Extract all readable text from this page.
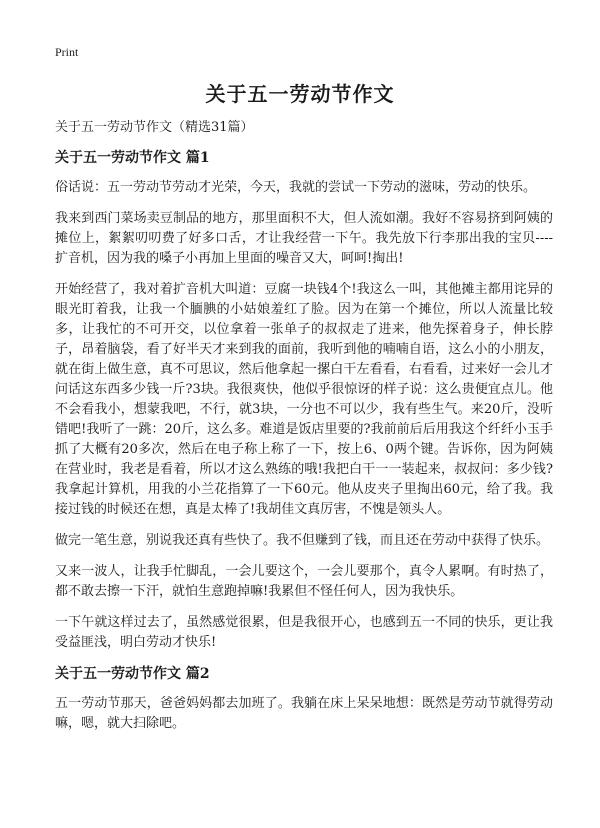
Print
关于五一劳动节作文

关于五一劳动节作文（精选31篇）

关于五一劳动节作文 篇1

俗话说：五一劳动节劳动才光荣，今天，我就的尝试一下劳动的滋味，劳动的快乐。

我来到西门菜场卖豆制品的地方，那里面积不大，但人流如潮。我好不容易挤到阿姨的摊位上，絮絮叨叨费了好多口舌，才让我经营一下午。我先放下行李那出我的宝贝----扩音机，因为我的嗓子小再加上里面的噪音又大，呵呵!掏出!

开始经营了，我对着扩音机大叫道：豆腐一块钱4个!我这么一叫，其他摊主都用诧异的眼光盯着我，让我一个腼腆的小姑娘羞红了脸。因为在第一个摊位，所以人流量比较多，让我忙的不可开交，以位拿着一张单子的叔叔走了进来，他先探着身子，伸长脖子，昂着脑袋，看了好半天才来到我的面前，我听到他的喃喃自语，这么小的小朋友，就在街上做生意，真不可思议，然后他拿起一摞白干左看看，右看看，过来好一会儿才问话这东西多少钱一斤?3块。我很爽快，他似乎很惊讶的样子说：这么贵便宜点儿。他不会看我小，想蒙我吧，不行，就3块，一分也不可以少，我有些生气。来20斤，没听错吧!我听了一跳：20斤，这么多。难道是饭店里要的?我前前后后用我这个纤纤小玉手抓了大概有20多次，然后在电子称上称了一下，按上6、0两个键。告诉你，因为阿姨在营业时，我老是看着，所以才这么熟练的哦!我把白干一一装起来，叔叔问：多少钱?我拿起计算机，用我的小兰花指算了一下60元。他从皮夹子里掏出60元，给了我。我接过钱的时候还在想，真是太棒了!我胡佳文真厉害，不愧是领头人。

做完一笔生意，别说我还真有些快了。我不但赚到了钱，而且还在劳动中获得了快乐。

又来一波人，让我手忙脚乱，一会儿要这个，一会儿要那个，真令人累啊。有时热了，都不敢去擦一下汗，就怕生意跑掉嘛!我累但不怪任何人，因为我快乐。

一下午就这样过去了，虽然感觉很累，但是我很开心，也感到五一不同的快乐，更让我受益匪浅，明白劳动才快乐!

关于五一劳动节作文 篇2

五一劳动节那天，爸爸妈妈都去加班了。我躺在床上呆呆地想：既然是劳动节就得劳动嘛，嗯，就大扫除吧。
